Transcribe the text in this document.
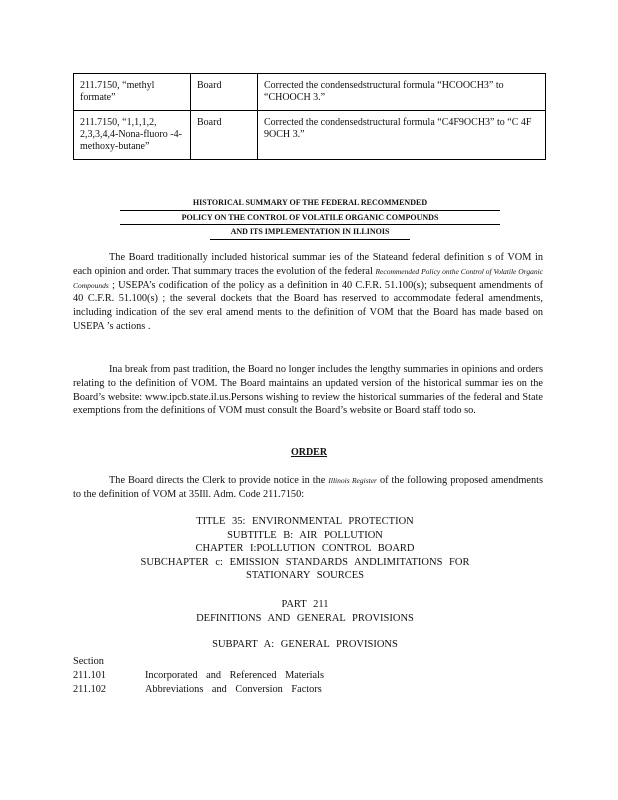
211.7150, “methyl formate”	Board	Corrected the condensedstructural formula “HCOOCH3” to “CHOOCH 3.”
211.7150, “1,1,1,2, 2,3,3,4,4-Nona-fluoro -4-methoxy-butane”	Board	Corrected the condensedstructural formula “C4F9OCH3” to “C 4F 9OCH 3.”
HISTORICAL SUMMARY OF THE FEDERAL RECOMMENDED
POLICY ON THE CONTROL OF VOLATILE ORGANIC COMPOUNDS
AND ITS IMPLEMENTATION IN ILLINOIS
The Board traditionally included historical summar ies of the Stateand federal definition s of VOM in each opinion and order. That summary traces the evolution of the federal Recommended Policy onthe Control of Volatile Organic Compounds ; USEPA’s codification of the policy as a definition in 40 C.F.R. 51.100(s); subsequent amendments of 40 C.F.R. 51.100(s) ; the several dockets that the Board has reserved to accommodate federal amendments, including indication of the sev eral amend ments to the definition of VOM that the Board has made based on USEPA ’s actions .
Ina break from past tradition, the Board no longer includes the lengthy summaries in opinions and orders relating to the definition of VOM. The Board maintains an updated version of the historical summar ies on the Board’s website: www.ipcb.state.il.us.Persons wishing to review the historical summaries of the federal and State exemptions from the definitions of VOM must consult the Board’s website or Board staff todo so.
ORDER
The Board directs the Clerk to provide notice in the Illinois Register of the following proposed amendments to the definition of VOM at 35Ill. Adm. Code 211.7150:
TITLE 35: ENVIRONMENTAL PROTECTION
SUBTITLE B: AIR POLLUTION
CHAPTER I:POLLUTION CONTROL BOARD
SUBCHAPTER c: EMISSION STANDARDS ANDLIMITATIONS FOR STATIONARY SOURCES
PART 211
DEFINITIONS AND GENERAL PROVISIONS
SUBPART A: GENERAL PROVISIONS
Section
211.101	Incorporated and Referenced Materials
211.102	Abbreviations and Conversion Factors
